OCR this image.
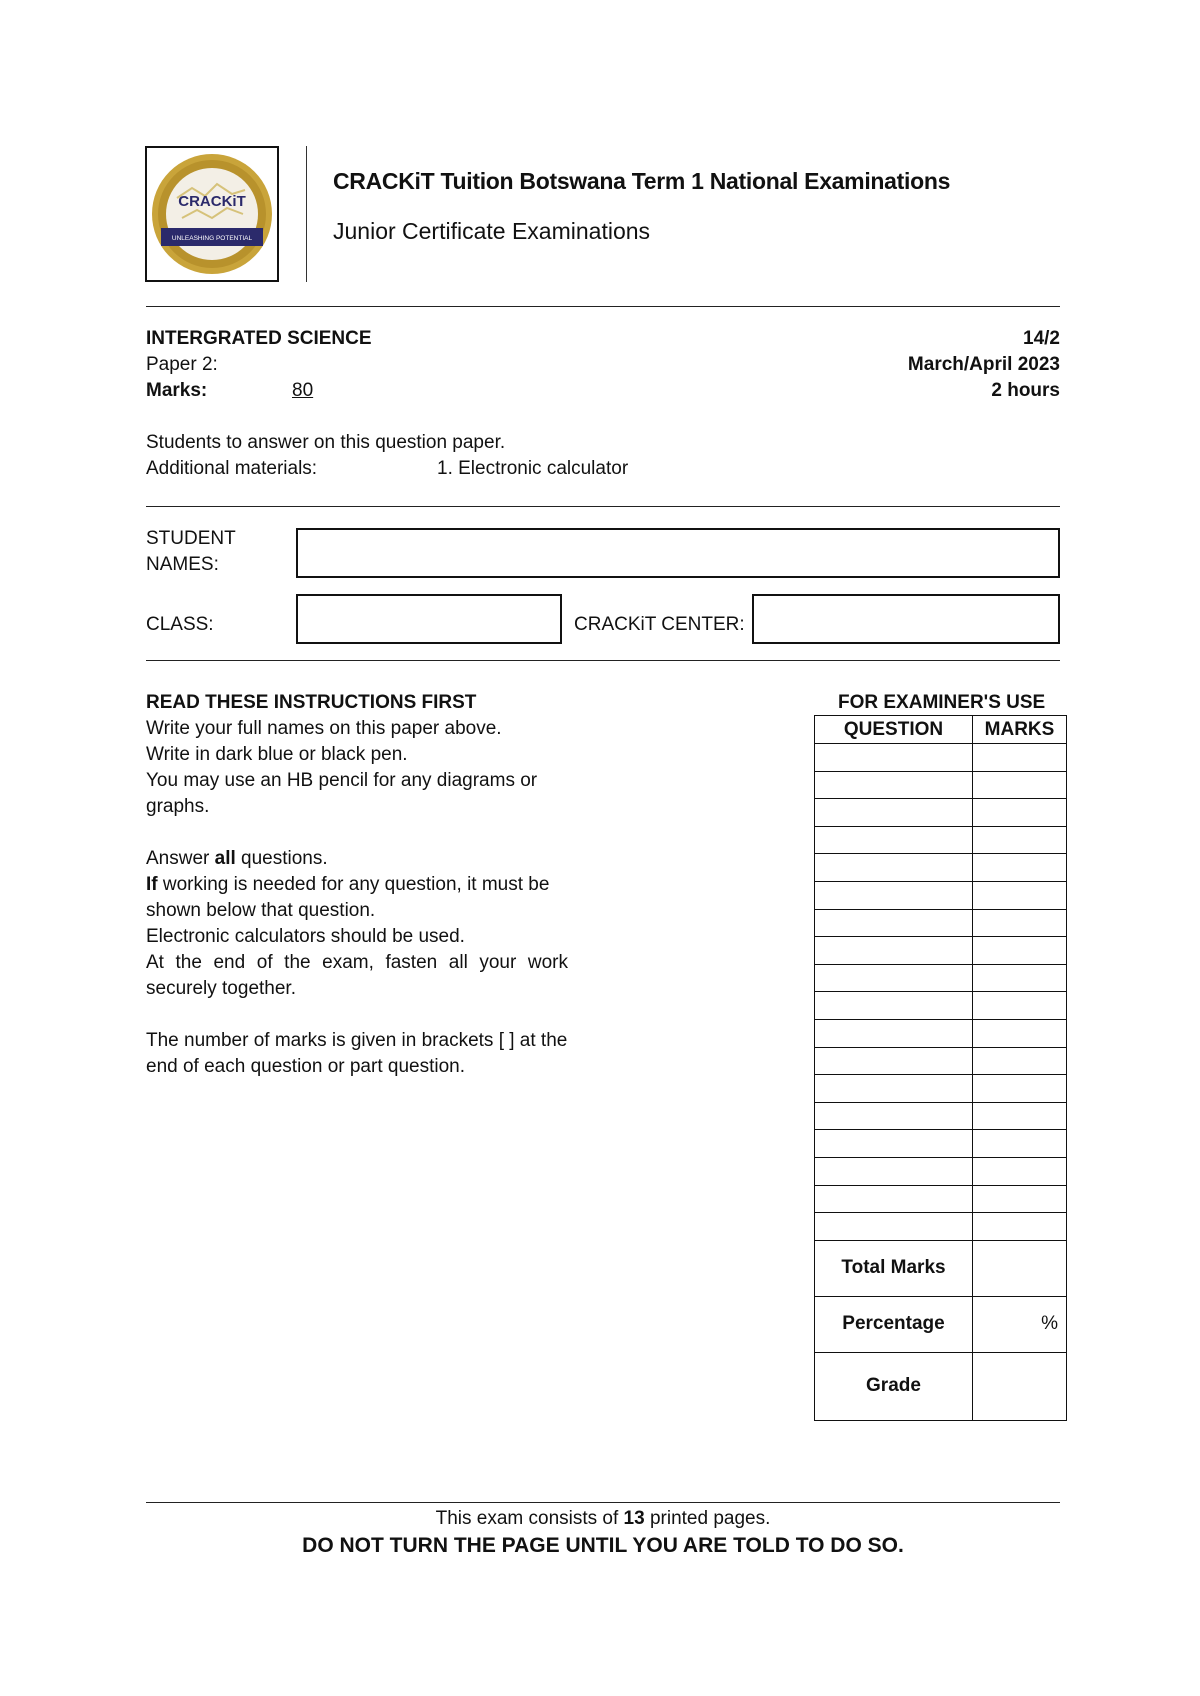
CRACKiT
UNLEASHING POTENTIAL
CRACKiT Tuition Botswana Term 1 National Examinations
Junior Certificate Examinations
INTERGRATED SCIENCE
Paper 2:
Marks:	80
14/2
March/April 2023
2 hours
Students to answer on this question paper.
Additional materials:	1. Electronic calculator
STUDENT
NAMES:
CLASS:	CRACKiT CENTER:
READ THESE INSTRUCTIONS FIRST
Write your full names on this paper above.
Write in dark blue or black pen.
You may use an HB pencil for any diagrams or
graphs.
Answer all questions.
If working is needed for any question, it must be
shown below that question.
Electronic calculators should be used.
At the end of the exam, fasten all your work
securely together.
The number of marks is given in brackets [ ] at the
end of each question or part question.
FOR EXAMINER'S USE
QUESTION	MARKS

Total Marks	
Percentage	%
Grade	
This exam consists of 13 printed pages.
DO NOT TURN THE PAGE UNTIL YOU ARE TOLD TO DO SO.
